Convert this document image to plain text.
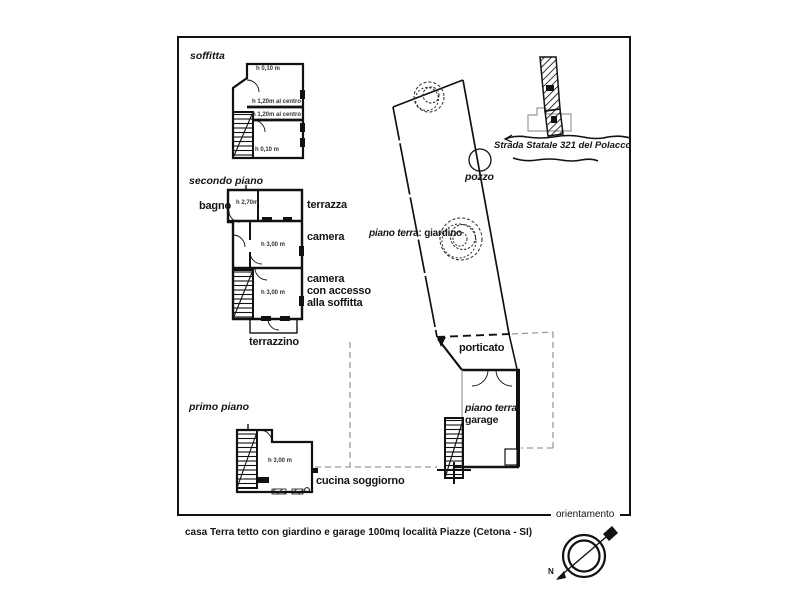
soffitta
secondo piano
primo piano
h 0,10 m
h 1,20m al centro
h 1,20m al centro
h 0,10 m
bagno h 2,70m	terrazza
camera
h 3,00 m
camera
con accesso
alla soffitta
h 3,00 m
terrazzino
h 3,00 m
cucina soggiorno
piano terra: giardino
pozzo
porticato
piano terra:
garage
Strada Statale 321 del Polacco
orientamento
casa Terra tetto con giardino e garage 100mq località Piazze (Cetona - SI)
N
